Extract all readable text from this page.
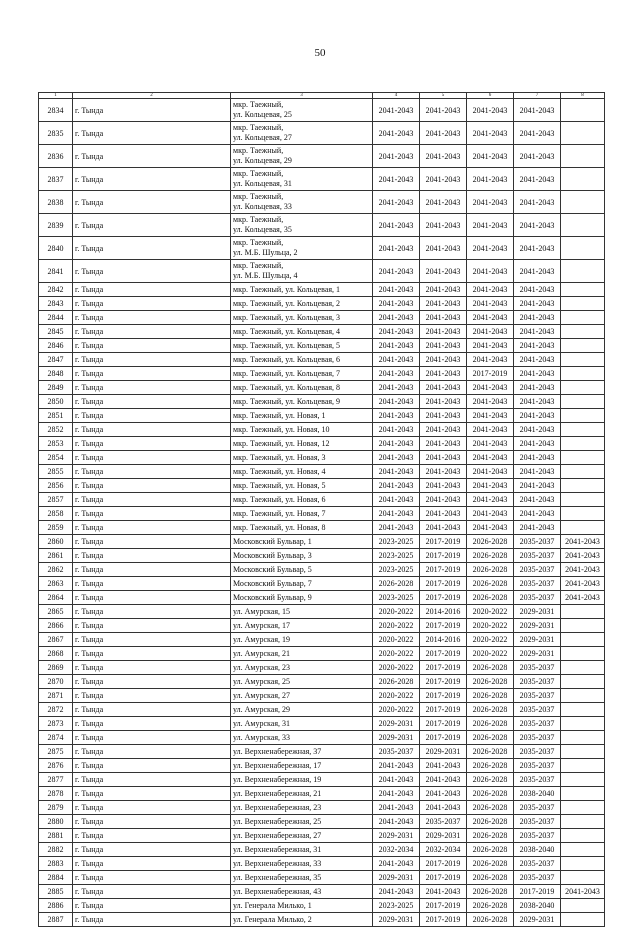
50
1	2	3	4	5	6	7	8
2834	г. Тында	мкр. Таежный,
ул. Кольцевая, 25	2041-2043	2041-2043	2041-2043	2041-2043	
2835	г. Тында	мкр. Таежный,
ул. Кольцевая, 27	2041-2043	2041-2043	2041-2043	2041-2043	
2836	г. Тында	мкр. Таежный,
ул. Кольцевая, 29	2041-2043	2041-2043	2041-2043	2041-2043	
2837	г. Тында	мкр. Таежный,
ул. Кольцевая, 31	2041-2043	2041-2043	2041-2043	2041-2043	
2838	г. Тында	мкр. Таежный,
ул. Кольцевая, 33	2041-2043	2041-2043	2041-2043	2041-2043	
2839	г. Тында	мкр. Таежный,
ул. Кольцевая, 35	2041-2043	2041-2043	2041-2043	2041-2043	
2840	г. Тында	мкр. Таежный,
ул. М.Б. Шульца, 2	2041-2043	2041-2043	2041-2043	2041-2043	
2841	г. Тында	мкр. Таежный,
ул. М.Б. Шульца, 4	2041-2043	2041-2043	2041-2043	2041-2043	
2842	г. Тында	мкр. Таежный, ул. Кольцевая, 1	2041-2043	2041-2043	2041-2043	2041-2043	
2843	г. Тында	мкр. Таежный, ул. Кольцевая, 2	2041-2043	2041-2043	2041-2043	2041-2043	
2844	г. Тында	мкр. Таежный, ул. Кольцевая, 3	2041-2043	2041-2043	2041-2043	2041-2043	
2845	г. Тында	мкр. Таежный, ул. Кольцевая, 4	2041-2043	2041-2043	2041-2043	2041-2043	
2846	г. Тында	мкр. Таежный, ул. Кольцевая, 5	2041-2043	2041-2043	2041-2043	2041-2043	
2847	г. Тында	мкр. Таежный, ул. Кольцевая, 6	2041-2043	2041-2043	2041-2043	2041-2043	
2848	г. Тында	мкр. Таежный, ул. Кольцевая, 7	2041-2043	2041-2043	2017-2019	2041-2043	
2849	г. Тында	мкр. Таежный, ул. Кольцевая, 8	2041-2043	2041-2043	2041-2043	2041-2043	
2850	г. Тында	мкр. Таежный, ул. Кольцевая, 9	2041-2043	2041-2043	2041-2043	2041-2043	
2851	г. Тында	мкр. Таежный, ул. Новая, 1	2041-2043	2041-2043	2041-2043	2041-2043	
2852	г. Тында	мкр. Таежный, ул. Новая, 10	2041-2043	2041-2043	2041-2043	2041-2043	
2853	г. Тында	мкр. Таежный, ул. Новая, 12	2041-2043	2041-2043	2041-2043	2041-2043	
2854	г. Тында	мкр. Таежный, ул. Новая, 3	2041-2043	2041-2043	2041-2043	2041-2043	
2855	г. Тында	мкр. Таежный, ул. Новая, 4	2041-2043	2041-2043	2041-2043	2041-2043	
2856	г. Тында	мкр. Таежный, ул. Новая, 5	2041-2043	2041-2043	2041-2043	2041-2043	
2857	г. Тында	мкр. Таежный, ул. Новая, 6	2041-2043	2041-2043	2041-2043	2041-2043	
2858	г. Тында	мкр. Таежный, ул. Новая, 7	2041-2043	2041-2043	2041-2043	2041-2043	
2859	г. Тында	мкр. Таежный, ул. Новая, 8	2041-2043	2041-2043	2041-2043	2041-2043	
2860	г. Тында	Московский Бульвар, 1	2023-2025	2017-2019	2026-2028	2035-2037	2041-2043
2861	г. Тында	Московский Бульвар, 3	2023-2025	2017-2019	2026-2028	2035-2037	2041-2043
2862	г. Тында	Московский Бульвар, 5	2023-2025	2017-2019	2026-2028	2035-2037	2041-2043
2863	г. Тында	Московский Бульвар, 7	2026-2028	2017-2019	2026-2028	2035-2037	2041-2043
2864	г. Тында	Московский Бульвар, 9	2023-2025	2017-2019	2026-2028	2035-2037	2041-2043
2865	г. Тында	ул. Амурская, 15	2020-2022	2014-2016	2020-2022	2029-2031	
2866	г. Тында	ул. Амурская, 17	2020-2022	2017-2019	2020-2022	2029-2031	
2867	г. Тында	ул. Амурская, 19	2020-2022	2014-2016	2020-2022	2029-2031	
2868	г. Тында	ул. Амурская, 21	2020-2022	2017-2019	2020-2022	2029-2031	
2869	г. Тында	ул. Амурская, 23	2020-2022	2017-2019	2026-2028	2035-2037	
2870	г. Тында	ул. Амурская, 25	2026-2028	2017-2019	2026-2028	2035-2037	
2871	г. Тында	ул. Амурская, 27	2020-2022	2017-2019	2026-2028	2035-2037	
2872	г. Тында	ул. Амурская, 29	2020-2022	2017-2019	2026-2028	2035-2037	
2873	г. Тында	ул. Амурская, 31	2029-2031	2017-2019	2026-2028	2035-2037	
2874	г. Тында	ул. Амурская, 33	2029-2031	2017-2019	2026-2028	2035-2037	
2875	г. Тында	ул. Верхненабережная, 37	2035-2037	2029-2031	2026-2028	2035-2037	
2876	г. Тында	ул. Верхненабережная, 17	2041-2043	2041-2043	2026-2028	2035-2037	
2877	г. Тында	ул. Верхненабережная, 19	2041-2043	2041-2043	2026-2028	2035-2037	
2878	г. Тында	ул. Верхненабережная, 21	2041-2043	2041-2043	2026-2028	2038-2040	
2879	г. Тында	ул. Верхненабережная, 23	2041-2043	2041-2043	2026-2028	2035-2037	
2880	г. Тында	ул. Верхненабережная, 25	2041-2043	2035-2037	2026-2028	2035-2037	
2881	г. Тында	ул. Верхненабережная, 27	2029-2031	2029-2031	2026-2028	2035-2037	
2882	г. Тында	ул. Верхненабережная, 31	2032-2034	2032-2034	2026-2028	2038-2040	
2883	г. Тында	ул. Верхненабережная, 33	2041-2043	2017-2019	2026-2028	2035-2037	
2884	г. Тында	ул. Верхненабережная, 35	2029-2031	2017-2019	2026-2028	2035-2037	
2885	г. Тында	ул. Верхненабережная, 43	2041-2043	2041-2043	2026-2028	2017-2019	2041-2043
2886	г. Тында	ул. Генерала Милько, 1	2023-2025	2017-2019	2026-2028	2038-2040	
2887	г. Тында	ул. Генерала Милько, 2	2029-2031	2017-2019	2026-2028	2029-2031	
